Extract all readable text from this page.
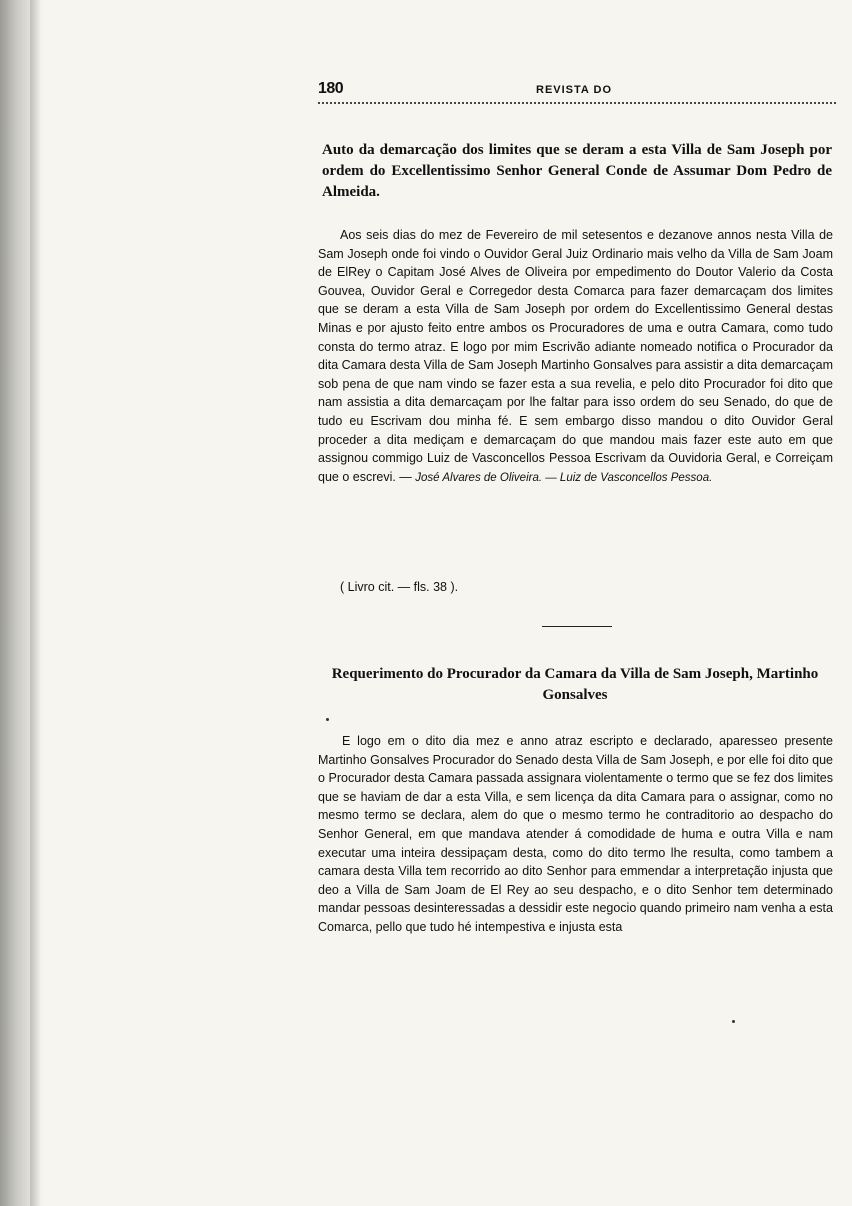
180	REVISTA DO

Auto da demarcação dos limites que se deram a esta Villa de Sam Joseph por ordem do Excellentissimo Senhor General Conde de Assumar Dom Pedro de Almeida.

Aos seis dias do mez de Fevereiro de mil setesentos e dezanove annos nesta Villa de Sam Joseph onde foi vindo o Ouvidor Geral Juiz Ordinario mais velho da Villa de Sam Joam de ElRey o Capitam José Alves de Oliveira por empedimento do Doutor Valerio da Costa Gouvea, Ouvidor Geral e Corregedor desta Comarca para fazer demarcaçam dos limites que se deram a esta Villa de Sam Joseph por ordem do Excellentissimo General destas Minas e por ajusto feito entre ambos os Procuradores de uma e outra Camara, como tudo consta do termo atraz. E logo por mim Escrivão adiante nomeado notifica o Procurador da dita Camara desta Villa de Sam Joseph Martinho Gonsalves para assistir a dita demarcaçam sob pena de que nam vindo se fazer esta a sua revelia, e pelo dito Procurador foi dito que nam assistia a dita demarcaçam por lhe faltar para isso ordem do seu Senado, do que de tudo eu Escrivam dou minha fé. E sem embargo disso mandou o dito Ouvidor Geral proceder a dita mediçam e demarcaçam do que mandou mais fazer este auto em que assignou commigo Luiz de Vasconcellos Pessoa Escrivam da Ouvidoria Geral, e Correiçam que o escrevi. — José Alvares de Oliveira. — Luiz de Vasconcellos Pessoa.

( Livro cit. — fls. 38 ).

Requerimento do Procurador da Camara da Villa de Sam Joseph, Martinho Gonsalves

E logo em o dito dia mez e anno atraz escripto e declarado, aparesseo presente Martinho Gonsalves Procurador do Senado desta Villa de Sam Joseph, e por elle foi dito que o Procurador desta Camara passada assignara violentamente o termo que se fez dos limites que se haviam de dar a esta Villa, e sem licença da dita Camara para o assignar, como no mesmo termo se declara, alem do que o mesmo termo he contraditorio ao despacho do Senhor General, em que mandava atender á comodidade de huma e outra Villa e nam executar uma inteira dessipaçam desta, como do dito termo lhe resulta, como tambem a camara desta Villa tem recorrido ao dito Senhor para emmendar a interpretação injusta que deo a Villa de Sam Joam de El Rey ao seu despacho, e o dito Senhor tem determinado mandar pessoas desinteressadas a dessidir este negocio quando primeiro nam venha a esta Comarca, pello que tudo hé intempestiva e injusta esta
